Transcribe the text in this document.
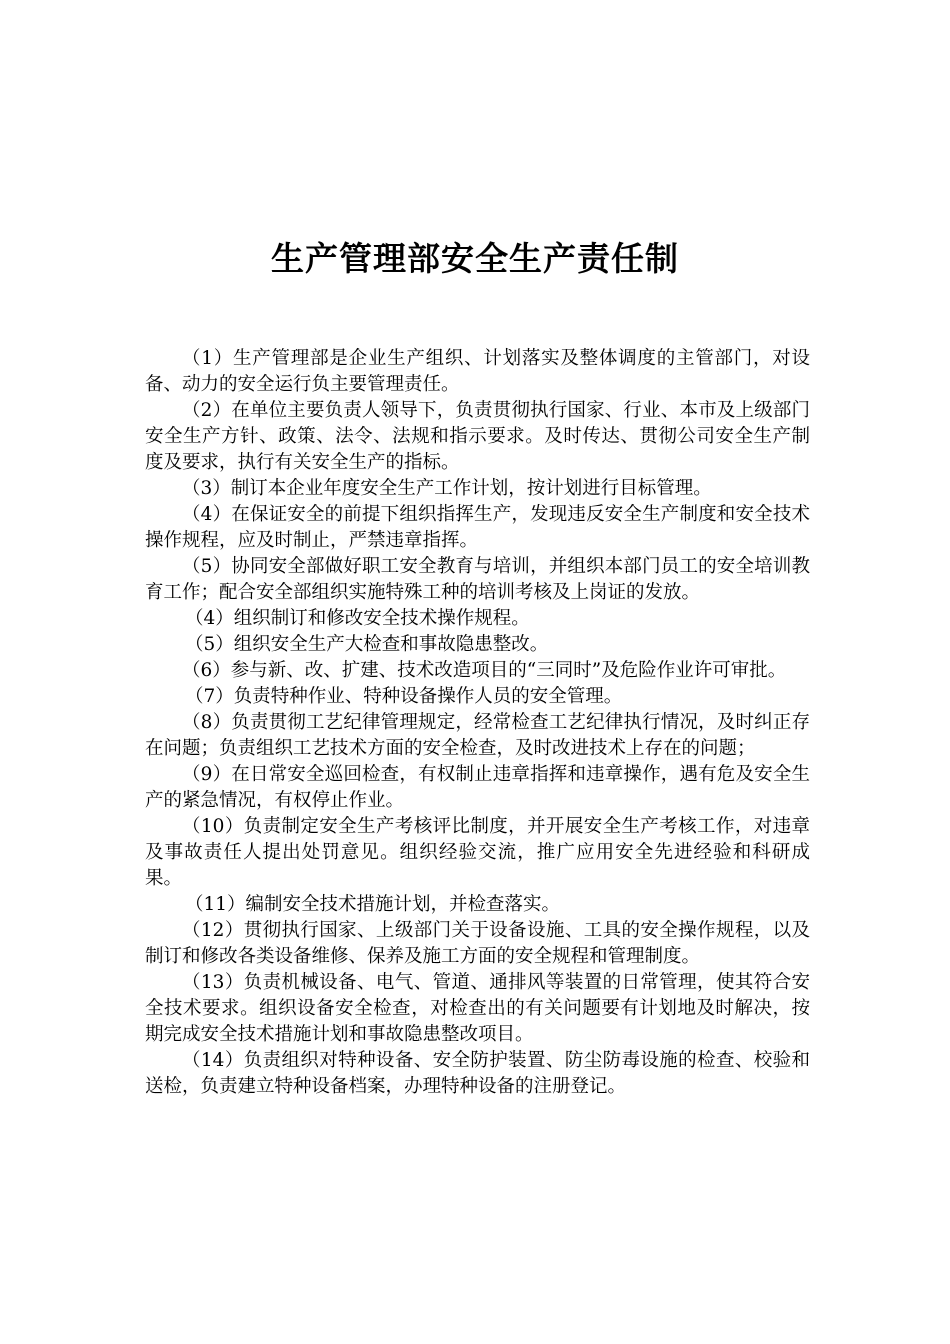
生产管理部安全生产责任制

（1）生产管理部是企业生产组织、计划落实及整体调度的主管部门，对设备、动力的安全运行负主要管理责任。

（2）在单位主要负责人领导下，负责贯彻执行国家、行业、本市及上级部门安全生产方针、政策、法令、法规和指示要求。及时传达、贯彻公司安全生产制度及要求，执行有关安全生产的指标。

（3）制订本企业年度安全生产工作计划，按计划进行目标管理。

（4）在保证安全的前提下组织指挥生产，发现违反安全生产制度和安全技术操作规程，应及时制止，严禁违章指挥。

（5）协同安全部做好职工安全教育与培训，并组织本部门员工的安全培训教育工作；配合安全部组织实施特殊工种的培训考核及上岗证的发放。

（4）组织制订和修改安全技术操作规程。

（5）组织安全生产大检查和事故隐患整改。

（6）参与新、改、扩建、技术改造项目的“三同时”及危险作业许可审批。

（7）负责特种作业、特种设备操作人员的安全管理。

（8）负责贯彻工艺纪律管理规定，经常检查工艺纪律执行情况，及时纠正存在问题；负责组织工艺技术方面的安全检查，及时改进技术上存在的问题；

（9）在日常安全巡回检查，有权制止违章指挥和违章操作，遇有危及安全生产的紧急情况，有权停止作业。

（10）负责制定安全生产考核评比制度，并开展安全生产考核工作，对违章及事故责任人提出处罚意见。组织经验交流，推广应用安全先进经验和科研成果。

（11）编制安全技术措施计划，并检查落实。

（12）贯彻执行国家、上级部门关于设备设施、工具的安全操作规程，以及制订和修改各类设备维修、保养及施工方面的安全规程和管理制度。

（13）负责机械设备、电气、管道、通排风等装置的日常管理，使其符合安全技术要求。组织设备安全检查，对检查出的有关问题要有计划地及时解决，按期完成安全技术措施计划和事故隐患整改项目。

（14）负责组织对特种设备、安全防护装置、防尘防毒设施的检查、校验和送检，负责建立特种设备档案，办理特种设备的注册登记。
